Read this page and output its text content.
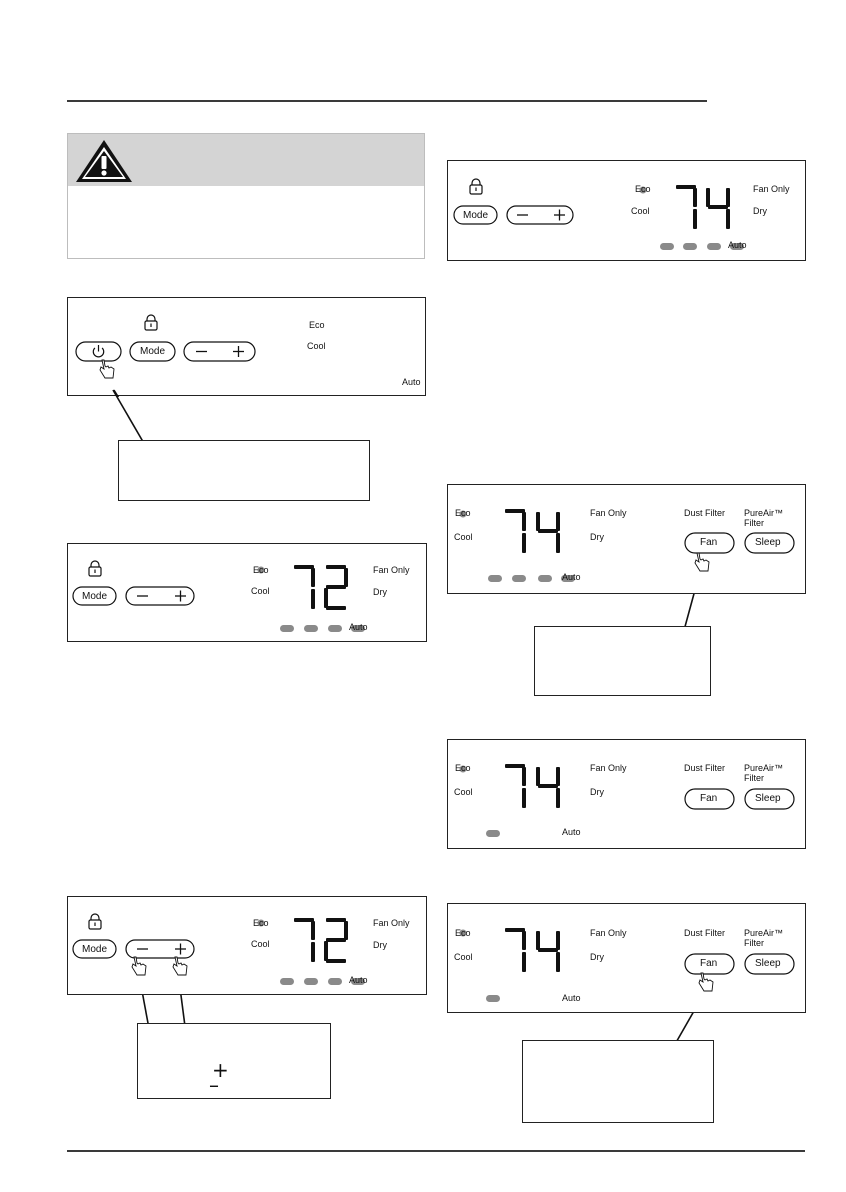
Mode
Eco
Cool
Auto
+
–
Mode
Eco
Cool
Fan Only
Dry
Auto
Mode
Eco
Cool
Fan Only
Dry
Auto
Mode
Eco
Cool
Fan Only
Dry
Auto
Eco
Cool
Fan Only
Dry
Auto
Dust Filter PureAir™ Filter
Fan	Sleep
Eco
Cool
Fan Only
Dry
Auto
Dust Filter PureAir™ Filter
Fan	Sleep
Eco
Cool
Fan Only
Dry
Auto
Dust Filter PureAir™ Filter
Fan	Sleep
